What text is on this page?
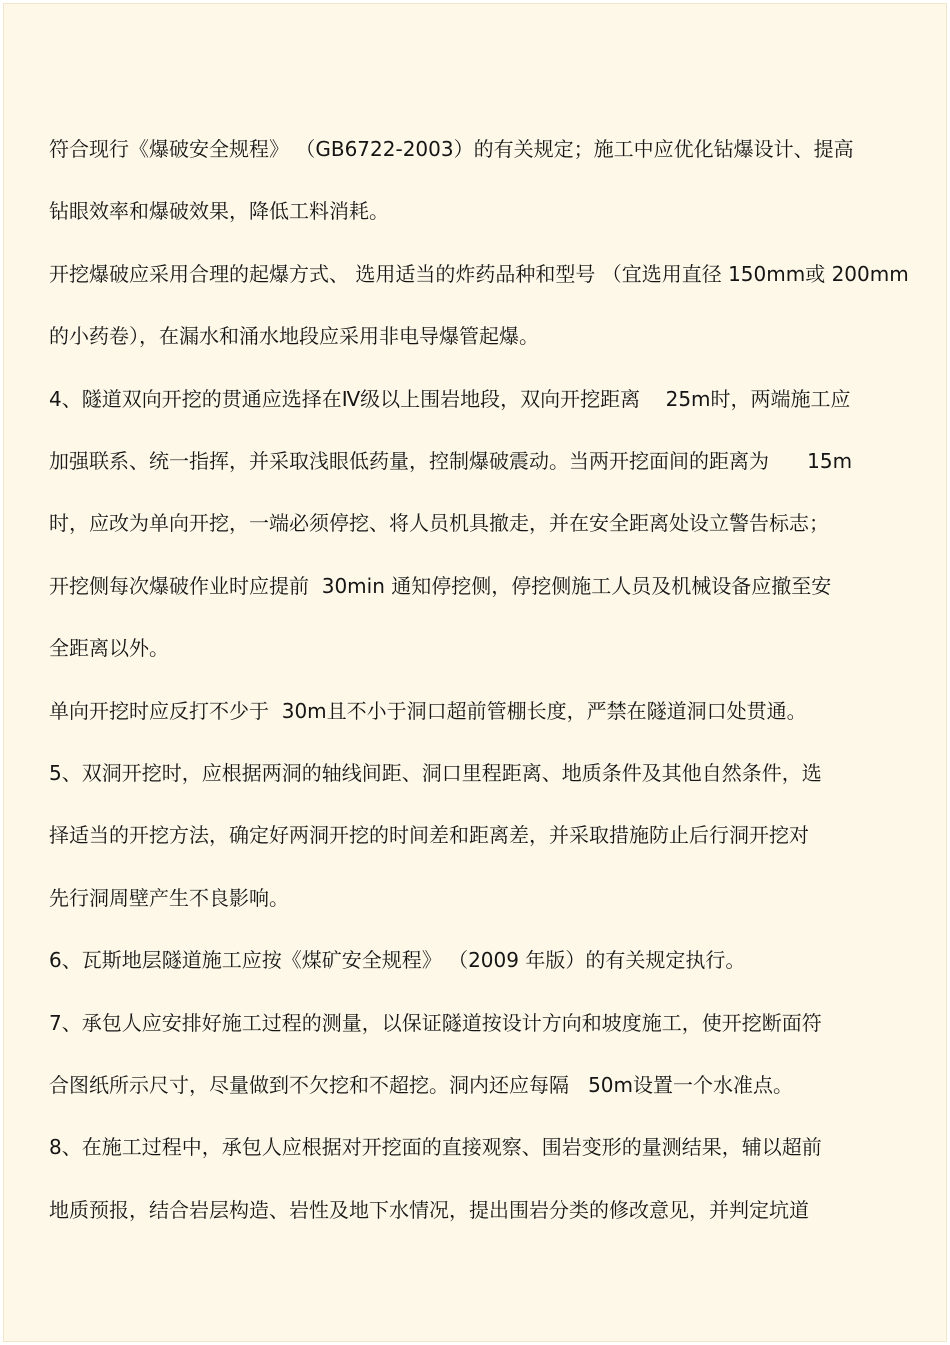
符合现行《爆破安全规程》 （GB6722-2003）的有关规定；施工中应优化钻爆设计、提高
钻眼效率和爆破效果，降低工料消耗。
开挖爆破应采用合理的起爆方式、 选用适当的炸药品种和型号 （宜选用直径 150mm或 200mm
的小药卷），在漏水和涌水地段应采用非电导爆管起爆。
4、隧道双向开挖的贯通应选择在Ⅳ级以上围岩地段，双向开挖距离    25m时，两端施工应
加强联系、统一指挥，并采取浅眼低药量，控制爆破震动。当两开挖面间的距离为      15m
时，应改为单向开挖，一端必须停挖、将人员机具撤走，并在安全距离处设立警告标志；
开挖侧每次爆破作业时应提前  30min 通知停挖侧，停挖侧施工人员及机械设备应撤至安
全距离以外。
单向开挖时应反打不少于  30m且不小于洞口超前管棚长度，严禁在隧道洞口处贯通。
5、双洞开挖时，应根据两洞的轴线间距、洞口里程距离、地质条件及其他自然条件，选
择适当的开挖方法，确定好两洞开挖的时间差和距离差，并采取措施防止后行洞开挖对
先行洞周壁产生不良影响。
6、瓦斯地层隧道施工应按《煤矿安全规程》 （2009 年版）的有关规定执行。
7、承包人应安排好施工过程的测量，以保证隧道按设计方向和坡度施工，使开挖断面符
合图纸所示尺寸，尽量做到不欠挖和不超挖。洞内还应每隔   50m设置一个水准点。
8、在施工过程中，承包人应根据对开挖面的直接观察、围岩变形的量测结果，辅以超前
地质预报，结合岩层构造、岩性及地下水情况，提出围岩分类的修改意见，并判定坑道
